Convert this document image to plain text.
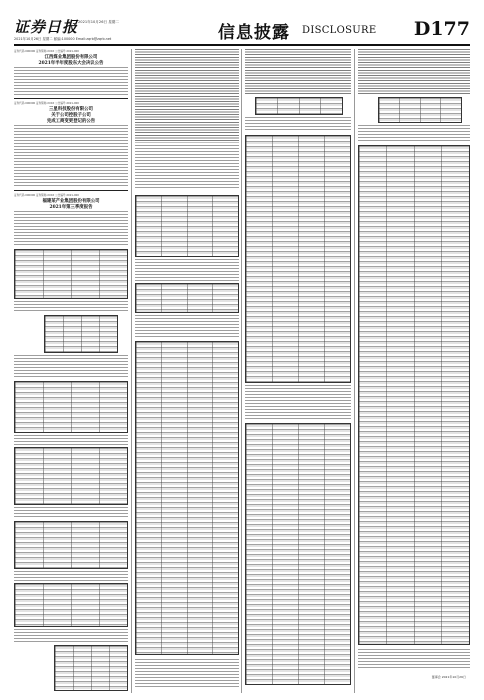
证券日报 2021年10月26日 星期二
2021年10月26日 星期二 邮编:100000 Email:zqrb@zqrb.net	信息披露 DISCLOSURE D177
证券代码:000000 证券简称:XXXX 公告编号:2021-000
江西煤业集团股份有限公司
2021年半年度股东大会决议公告
证券代码:000000 证券简称:XXXX 公告编号:2021-000
三星科技股份有限公司
关于公司控股子公司
完成工商变更登记的公告
证券代码:000000 证券简称:XXXX 公告编号:2021-000
福建某产业集团股份有限公司
2021年第三季度报告
董事会 2021年10月26日
